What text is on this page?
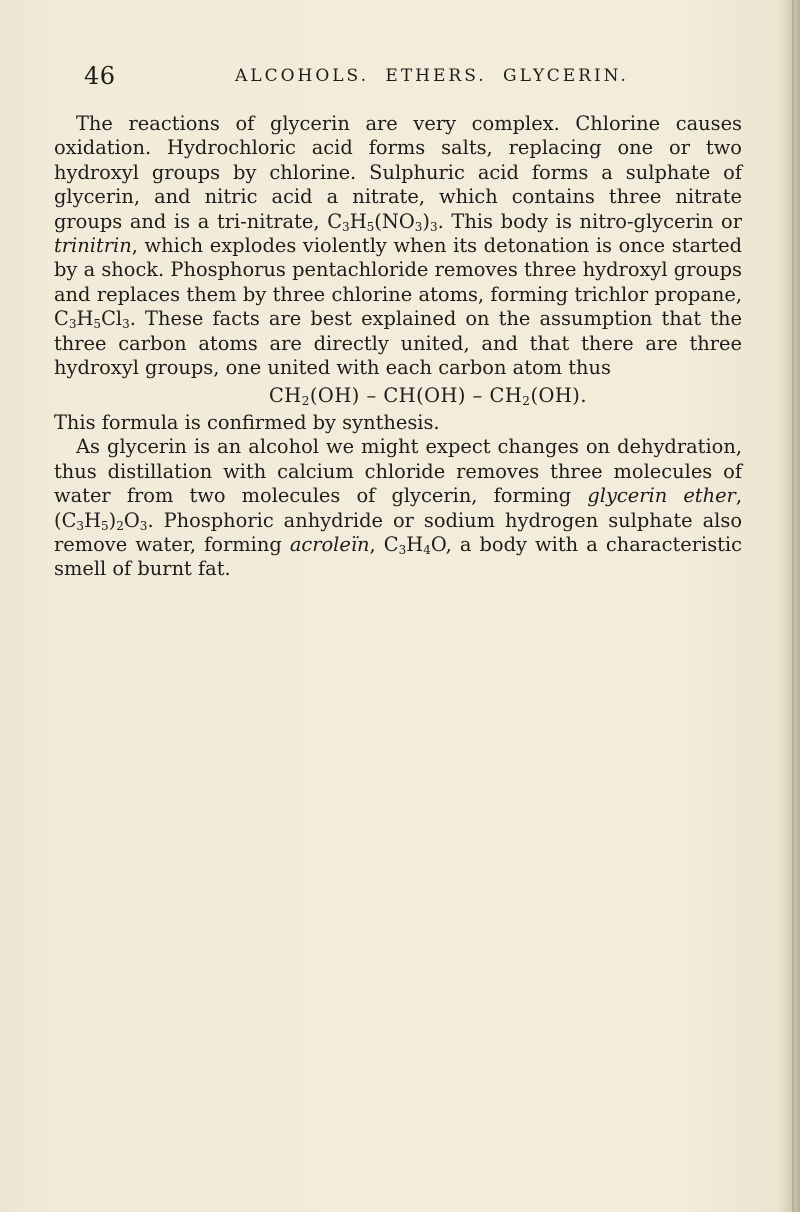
46	ALCOHOLS. ETHERS. GLYCERIN.

The reactions of glycerin are very complex. Chlorine causes oxidation. Hydrochloric acid forms salts, replacing one or two hydroxyl groups by chlorine. Sulphuric acid forms a sulphate of glycerin, and nitric acid a nitrate, which contains three nitrate groups and is a tri-nitrate, $C_3H_5(NO_3)_3$. This body is nitro-glycerin or trinitrin, which explodes violently when its detonation is once started by a shock. Phosphorus pentachloride removes three hydroxyl groups and replaces them by three chlorine atoms, forming trichlor propane, $C_3H_5Cl_3$. These facts are best explained on the assumption that the three carbon atoms are directly united, and that there are three hydroxyl groups, one united with each carbon atom thus

$CH_2(OH) - CH(OH) - CH_2(OH)$.

This formula is confirmed by synthesis.

As glycerin is an alcohol we might expect changes on dehydration, thus distillation with calcium chloride removes three molecules of water from two molecules of glycerin, forming glycerin ether, $(C_3H_5)_2O_3$. Phosphoric anhydride or sodium hydrogen sulphate also remove water, forming acroleïn, $C_3H_4O$, a body with a characteristic smell of burnt fat.
